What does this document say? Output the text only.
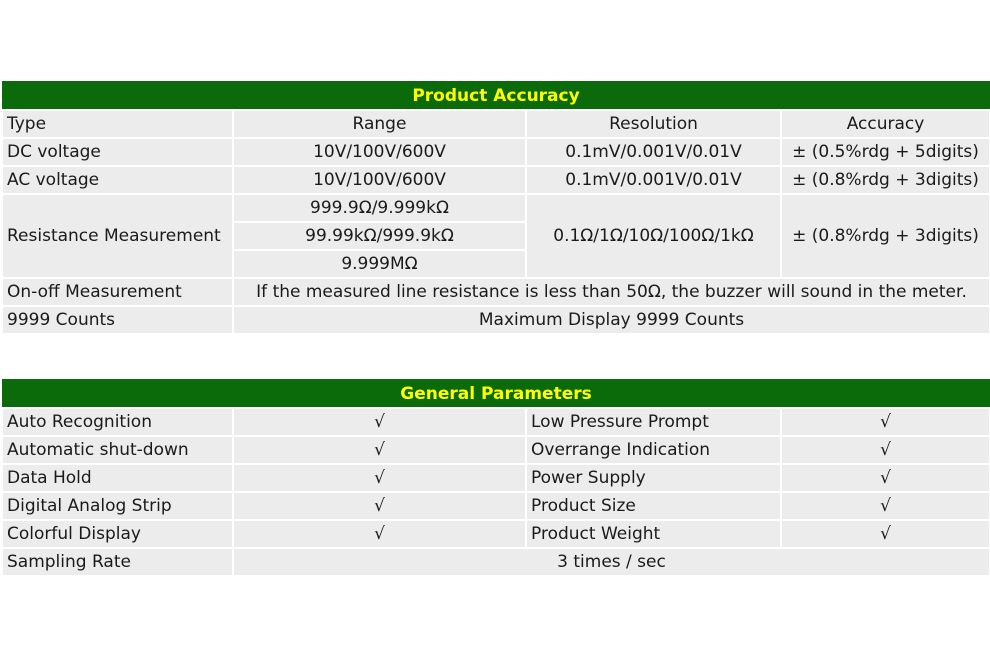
Product Accuracy			
Type	Range	Resolution	Accuracy
DC voltage	10V/100V/600V	0.1mV/0.001V/0.01V	± (0.5%rdg + 5digits)
AC voltage	10V/100V/600V	0.1mV/0.001V/0.01V	± (0.8%rdg + 3digits)
Resistance Measurement	999.9Ω/9.999kΩ	0.1Ω/1Ω/10Ω/100Ω/1kΩ	± (0.8%rdg + 3digits)
	99.99kΩ/999.9kΩ		
	9.999MΩ		
On-off Measurement	If the measured line resistance is less than 50Ω, the buzzer will sound in the meter.		
9999 Counts	Maximum Display 9999 Counts		
General Parameters			
Auto Recognition	√	Low Pressure Prompt	√
Automatic shut-down	√	Overrange Indication	√
Data Hold	√	Power Supply	√
Digital Analog Strip	√	Product Size	√
Colorful Display	√	Product Weight	√
Sampling Rate	3 times / sec		
